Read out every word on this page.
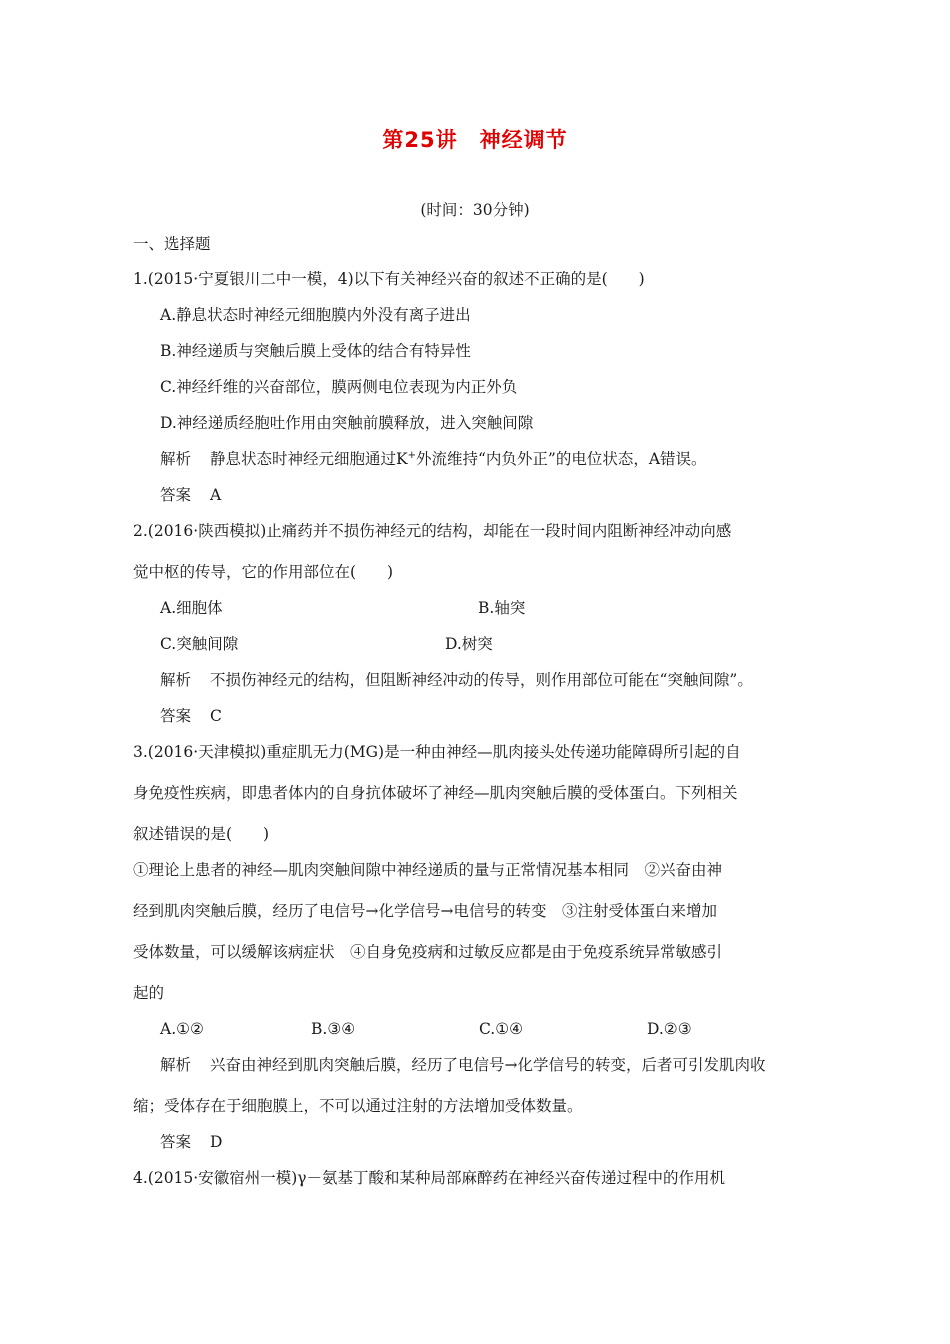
第25讲　神经调节
(时间：30分钟)
一、选择题
1.(2015·宁夏银川二中一模，4)以下有关神经兴奋的叙述不正确的是(　　)
A.静息状态时神经元细胞膜内外没有离子进出
B.神经递质与突触后膜上受体的结合有特异性
C.神经纤维的兴奋部位，膜两侧电位表现为内正外负
D.神经递质经胞吐作用由突触前膜释放，进入突触间隙
解析 静息状态时神经元细胞通过K+外流维持“内负外正”的电位状态，A错误。
答案 A
2.(2016·陕西模拟)止痛药并不损伤神经元的结构，却能在一段时间内阻断神经冲动向感
觉中枢的传导，它的作用部位在(　　)
A.细胞体	B.轴突
C.突触间隙	D.树突
解析 不损伤神经元的结构，但阻断神经冲动的传导，则作用部位可能在“突触间隙”。
答案 C
3.(2016·天津模拟)重症肌无力(MG)是一种由神经—肌肉接头处传递功能障碍所引起的自
身免疫性疾病，即患者体内的自身抗体破坏了神经—肌肉突触后膜的受体蛋白。下列相关
叙述错误的是(　　)
①理论上患者的神经—肌肉突触间隙中神经递质的量与正常情况基本相同　②兴奋由神
经到肌肉突触后膜，经历了电信号→化学信号→电信号的转变　③注射受体蛋白来增加
受体数量，可以缓解该病症状　④自身免疫病和过敏反应都是由于免疫系统异常敏感引
起的
A.①②	B.③④	C.①④	D.②③
解析 兴奋由神经到肌肉突触后膜，经历了电信号→化学信号的转变，后者可引发肌肉收
缩；受体存在于细胞膜上，不可以通过注射的方法增加受体数量。
答案 D
4.(2015·安徽宿州一模)γ－氨基丁酸和某种局部麻醉药在神经兴奋传递过程中的作用机
